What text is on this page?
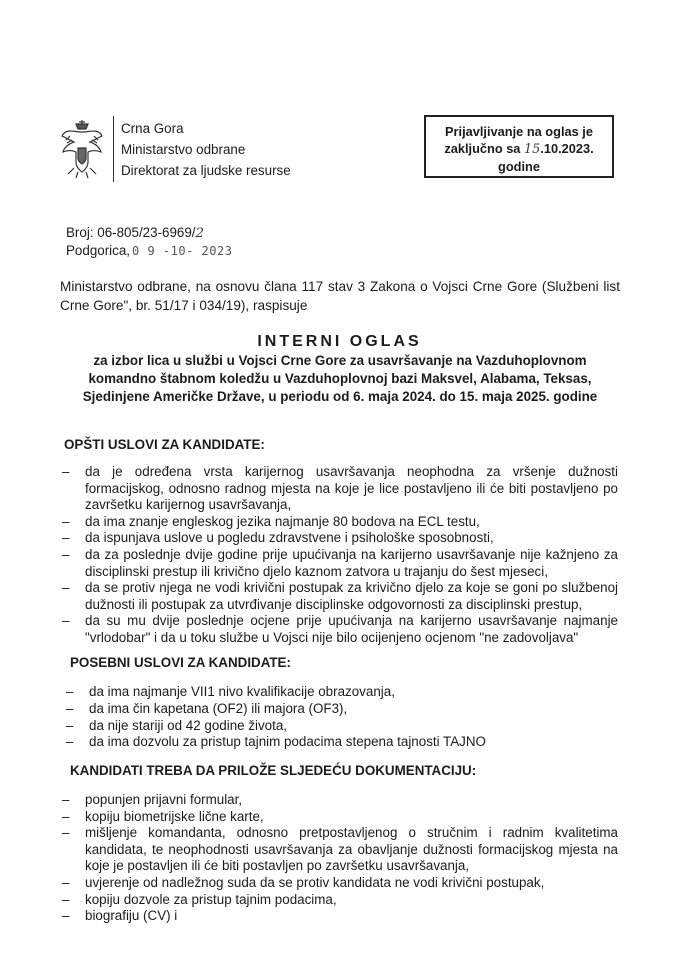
Crna Gora
Ministarstvo odbrane
Direktorat za ljudske resurse
Prijavljivanje na oglas je
zaključno sa 15.10.2023.
godine
Broj: 06-805/23-6969/2
Podgorica, 0 9 -10- 2023
Ministarstvo odbrane, na osnovu člana 117 stav 3 Zakona o Vojsci Crne Gore (Službeni list Crne Gore", br. 51/17 i 034/19), raspisuje
INTERNI OGLAS
za izbor lica u službi u Vojsci Crne Gore za usavršavanje na Vazduhoplovnom
komandno štabnom koledžu u Vazduhoplovnoj bazi Maksvel, Alabama, Teksas,
Sjedinjene Američke Države, u periodu od 6. maja 2024. do 15. maja 2025. godine
OPŠTI USLOVI ZA KANDIDATE:
–	da je određena vrsta karijernog usavršavanja neophodna za vršenje dužnosti formacijskog, odnosno radnog mjesta na koje je lice postavljeno ili će biti postavljeno po završetku karijernog usavršavanja,
–	da ima znanje engleskog jezika najmanje 80 bodova na ECL testu,
–	da ispunjava uslove u pogledu zdravstvene i psihološke sposobnosti,
–	da za poslednje dvije godine prije upućivanja na karijerno usavršavanje nije kažnjeno za disciplinski prestup ili krivično djelo kaznom zatvora u trajanju do šest mjeseci,
–	da se protiv njega ne vodi krivični postupak za krivično djelo za koje se goni po službenoj dužnosti ili postupak za utvrđivanje disciplinske odgovornosti za disciplinski prestup,
–	da su mu dvije poslednje ocjene prije upućivanja na karijerno usavršavanje najmanje "vrlodobar" i da u toku službe u Vojsci nije bilo ocijenjeno ocjenom "ne zadovoljava"
POSEBNI USLOVI ZA KANDIDATE:
–	da ima najmanje VII1 nivo kvalifikacije obrazovanja,
–	da ima čin kapetana (OF2) ili majora (OF3),
–	da nije stariji od 42 godine života,
–	da ima dozvolu za pristup tajnim podacima stepena tajnosti TAJNO
KANDIDATI TREBA DA PRILOŽE SLJEDEĆU DOKUMENTACIJU:
–	popunjen prijavni formular,
–	kopiju biometrijske lične karte,
–	mišljenje komandanta, odnosno pretpostavljenog o stručnim i radnim kvalitetima kandidata, te neophodnosti usavršavanja za obavljanje dužnosti formacijskog mjesta na koje je postavljen ili će biti postavljen po završetku usavršavanja,
–	uvjerenje od nadležnog suda da se protiv kandidata ne vodi krivični postupak,
–	kopiju dozvole za pristup tajnim podacima,
–	biografiju (CV) i
